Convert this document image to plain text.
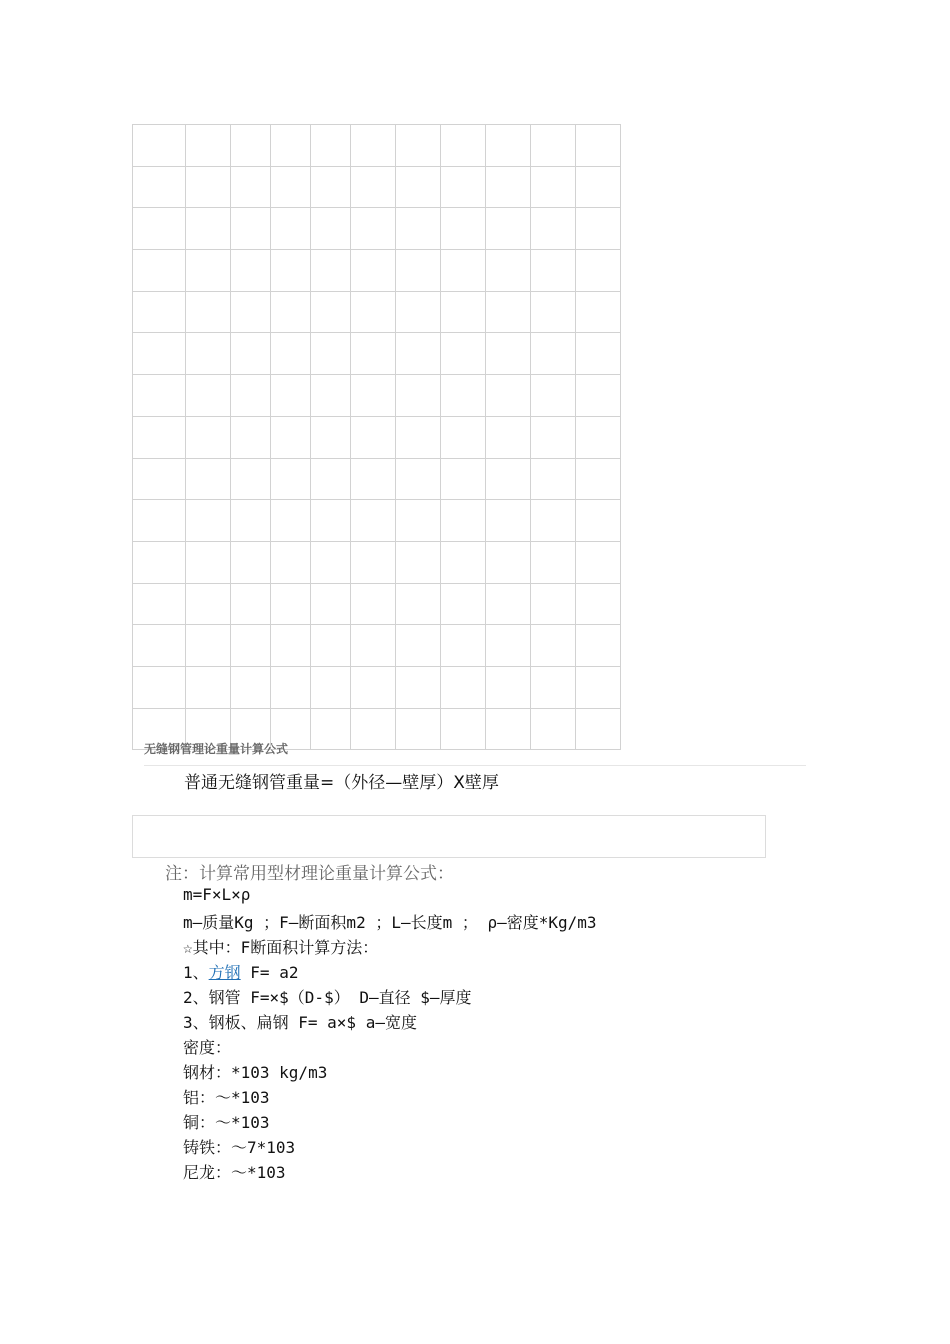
无缝钢管理论重量计算公式
普通无缝钢管重量=（外径—壁厚）X壁厚
注：计算常用型材理论重量计算公式：
m=F×L×ρ
m—质量Kg ；F—断面积m2 ；L—长度m ； ρ—密度*Kg/m3
☆其中：F断面积计算方法：
1、方钢 F= a2
2、钢管 F=×$（D-$） D—直径 $—厚度
3、钢板、扁钢 F= a×$ a—宽度
密度：
钢材：*103 kg/m3
铝：～*103
铜：～*103
铸铁：～7*103
尼龙：～*103
